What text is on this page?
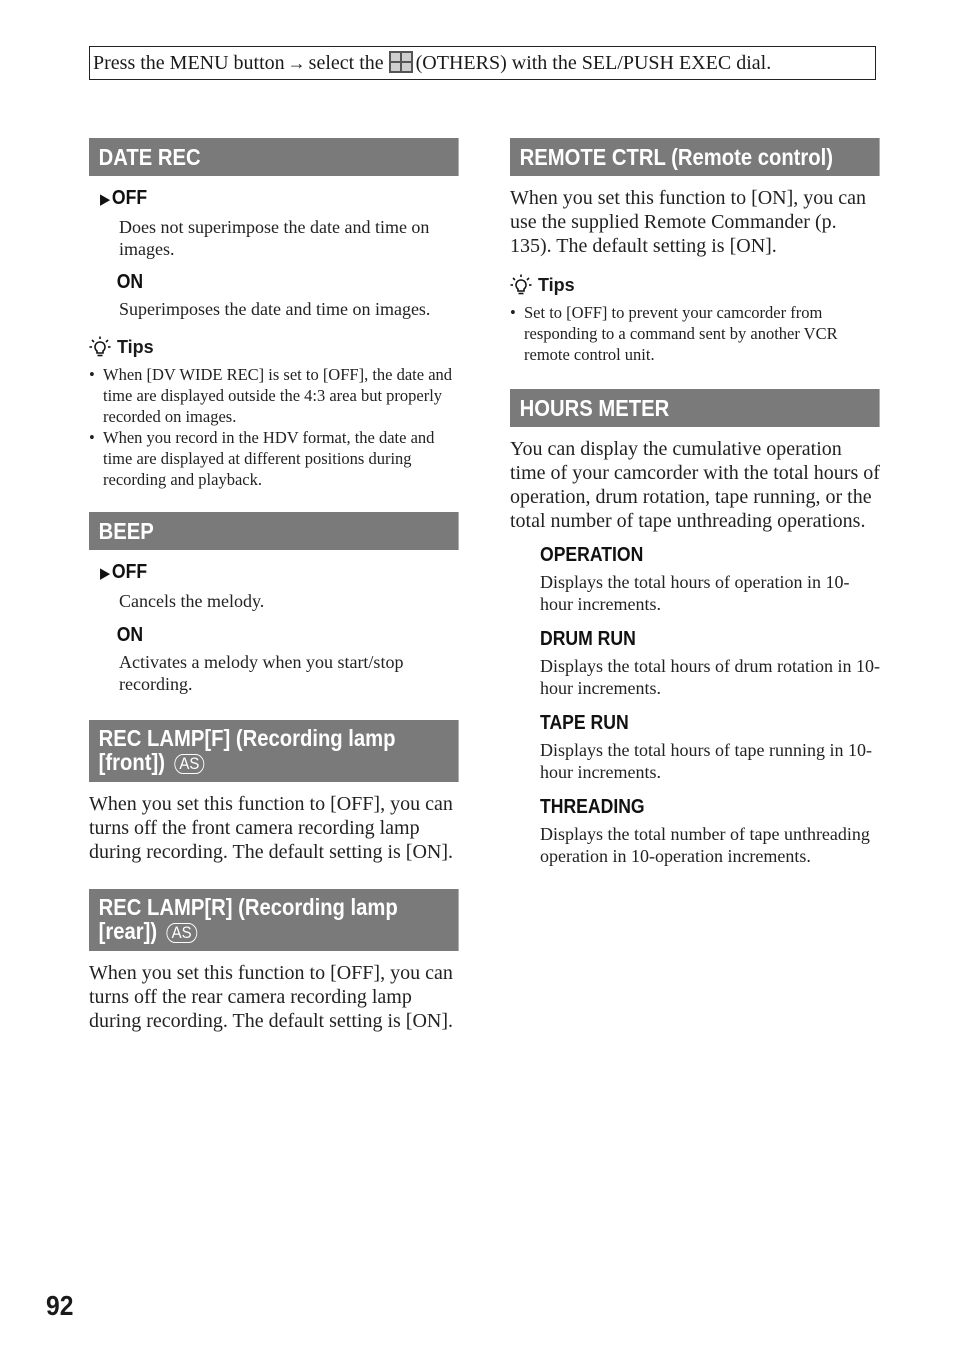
Press the MENU button → select the (OTHERS) with the SEL/PUSH EXEC dial.
DATE REC
▶OFF
Does not superimpose the date and time on images.
ON
Superimposes the date and time on images.
Tips
• When [DV WIDE REC] is set to [OFF], the date and time are displayed outside the 4:3 area but properly recorded on images.
• When you record in the HDV format, the date and time are displayed at different positions during recording and playback.
BEEP
▶OFF
Cancels the melody.
ON
Activates a melody when you start/stop recording.
REC LAMP[F] (Recording lamp
[front]) AS
When you set this function to [OFF], you can turns off the front camera recording lamp during recording. The default setting is [ON].
REC LAMP[R] (Recording lamp
[rear]) AS
When you set this function to [OFF], you can turns off the rear camera recording lamp during recording. The default setting is [ON].
REMOTE CTRL (Remote control)
When you set this function to [ON], you can use the supplied Remote Commander (p. 135). The default setting is [ON].
Tips
• Set to [OFF] to prevent your camcorder from responding to a command sent by another VCR remote control unit.
HOURS METER
You can display the cumulative operation time of your camcorder with the total hours of operation, drum rotation, tape running, or the total number of tape unthreading operations.
OPERATION
Displays the total hours of operation in 10-hour increments.
DRUM RUN
Displays the total hours of drum rotation in 10-hour increments.
TAPE RUN
Displays the total hours of tape running in 10-hour increments.
THREADING
Displays the total number of tape unthreading operation in 10-operation increments.
92
